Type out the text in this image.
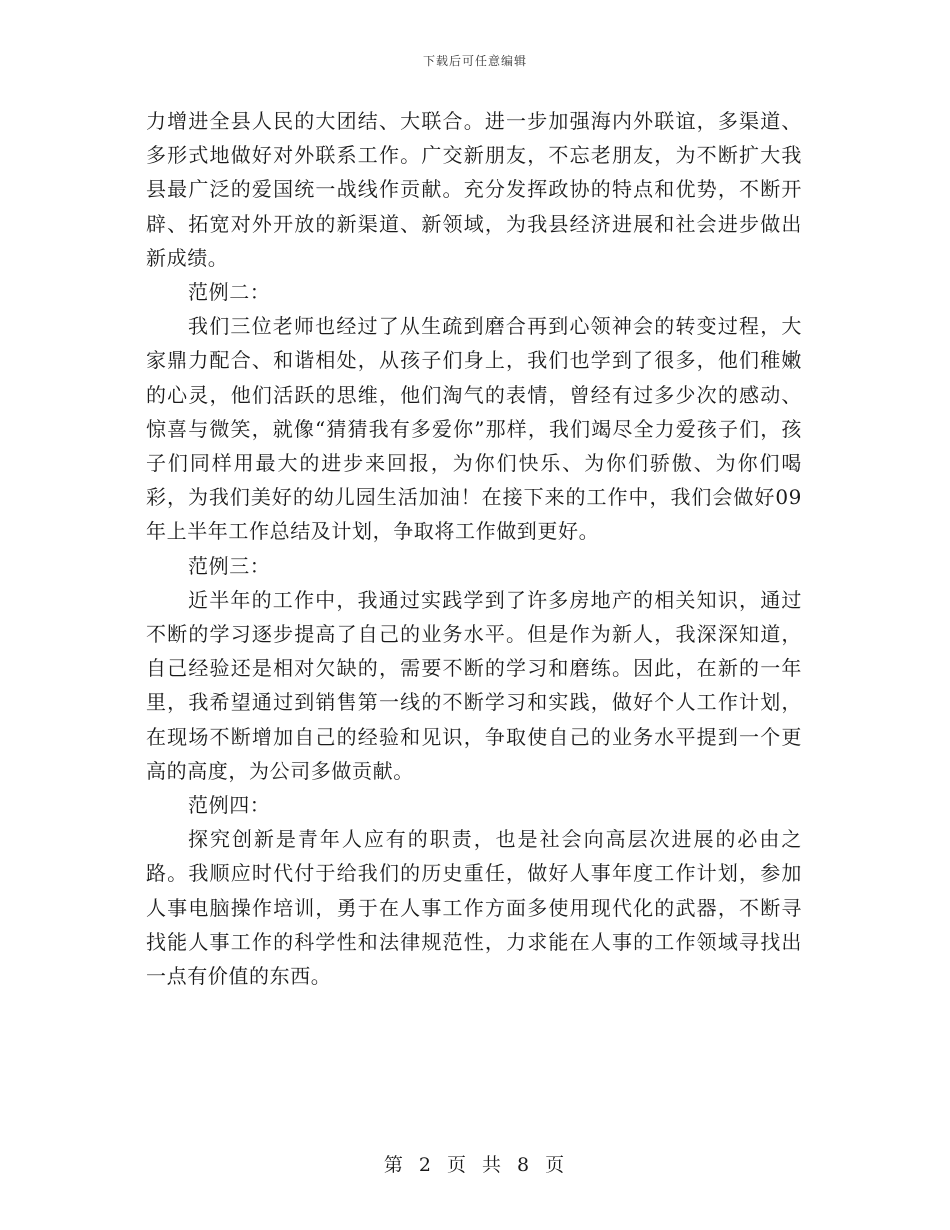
下载后可任意编辑

力增进全县人民的大团结、大联合。进一步加强海内外联谊，多渠道、多形式地做好对外联系工作。广交新朋友，不忘老朋友，为不断扩大我县最广泛的爱国统一战线作贡献。充分发挥政协的特点和优势，不断开辟、拓宽对外开放的新渠道、新领域，为我县经济进展和社会进步做出新成绩。

范例二：

我们三位老师也经过了从生疏到磨合再到心领神会的转变过程，大家鼎力配合、和谐相处，从孩子们身上，我们也学到了很多，他们稚嫩的心灵，他们活跃的思维，他们淘气的表情，曾经有过多少次的感动、惊喜与微笑，就像“猜猜我有多爱你”那样，我们竭尽全力爱孩子们，孩子们同样用最大的进步来回报，为你们快乐、为你们骄傲、为你们喝彩，为我们美好的幼儿园生活加油！在接下来的工作中，我们会做好09年上半年工作总结及计划，争取将工作做到更好。

范例三：

近半年的工作中，我通过实践学到了许多房地产的相关知识，通过不断的学习逐步提高了自己的业务水平。但是作为新人，我深深知道，自己经验还是相对欠缺的，需要不断的学习和磨练。因此，在新的一年里，我希望通过到销售第一线的不断学习和实践，做好个人工作计划，在现场不断增加自己的经验和见识，争取使自己的业务水平提到一个更高的高度，为公司多做贡献。

范例四：

探究创新是青年人应有的职责，也是社会向高层次进展的必由之路。我顺应时代付于给我们的历史重任，做好人事年度工作计划，参加人事电脑操作培训，勇于在人事工作方面多使用现代化的武器，不断寻找能人事工作的科学性和法律规范性，力求能在人事的工作领域寻找出一点有价值的东西。

第 2 页 共 8 页
